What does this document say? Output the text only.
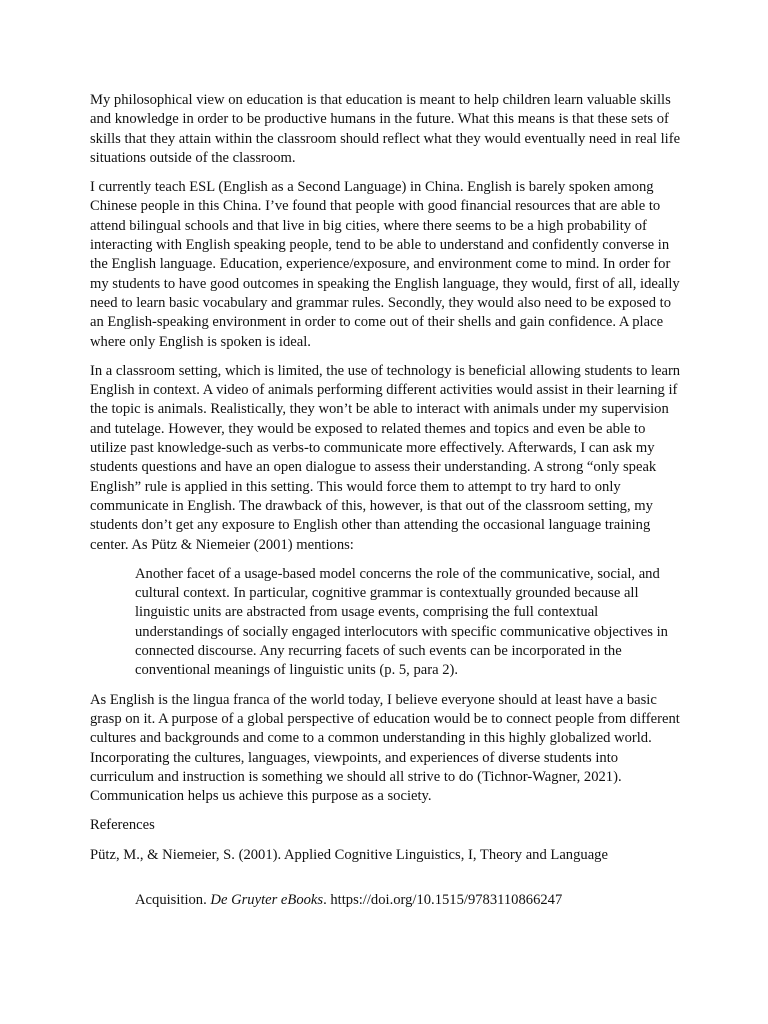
My philosophical view on education is that education is meant to help children learn valuable skills and knowledge in order to be productive humans in the future. What this means is that these sets of skills that they attain within the classroom should reflect what they would eventually need in real life situations outside of the classroom.

I currently teach ESL (English as a Second Language) in China. English is barely spoken among Chinese people in this China. I’ve found that people with good financial resources that are able to attend bilingual schools and that live in big cities, where there seems to be a high probability of interacting with English speaking people, tend to be able to understand and confidently converse in the English language. Education, experience/exposure, and environment come to mind. In order for my students to have good outcomes in speaking the English language, they would, first of all, ideally need to learn basic vocabulary and grammar rules. Secondly, they would also need to be exposed to an English-speaking environment in order to come out of their shells and gain confidence. A place where only English is spoken is ideal.

In a classroom setting, which is limited, the use of technology is beneficial allowing students to learn English in context. A video of animals performing different activities would assist in their learning if the topic is animals. Realistically, they won’t be able to interact with animals under my supervision and tutelage. However, they would be exposed to related themes and topics and even be able to utilize past knowledge-such as verbs-to communicate more effectively. Afterwards, I can ask my students questions and have an open dialogue to assess their understanding. A strong “only speak English” rule is applied in this setting. This would force them to attempt to try hard to only communicate in English. The drawback of this, however, is that out of the classroom setting, my students don’t get any exposure to English other than attending the occasional language training center. As Pütz & Niemeier (2001) mentions:

Another facet of a usage-based model concerns the role of the communicative, social, and cultural context. In particular, cognitive grammar is contextually grounded because all linguistic units are abstracted from usage events, comprising the full contextual understandings of socially engaged interlocutors with specific communicative objectives in connected discourse. Any recurring facets of such events can be incorporated in the conventional meanings of linguistic units (p. 5, para 2).

As English is the lingua franca of the world today, I believe everyone should at least have a basic grasp on it. A purpose of a global perspective of education would be to connect people from different cultures and backgrounds and come to a common understanding in this highly globalized world. Incorporating the cultures, languages, viewpoints, and experiences of diverse students into curriculum and instruction is something we should all strive to do (Tichnor-Wagner, 2021). Communication helps us achieve this purpose as a society.

References

Pütz, M., & Niemeier, S. (2001). Applied Cognitive Linguistics, I, Theory and Language

Acquisition. De Gruyter eBooks. https://doi.org/10.1515/9783110866247
